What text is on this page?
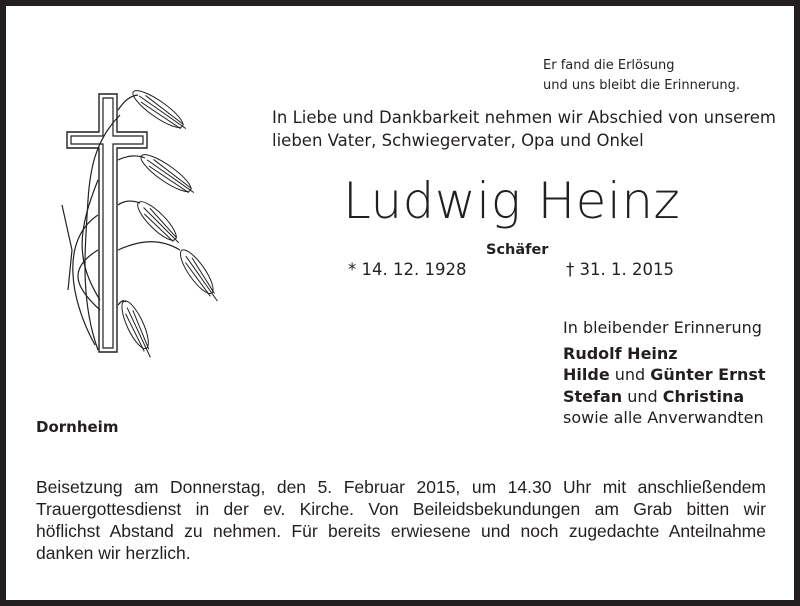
Er fand die Erlösung
und uns bleibt die Erinnerung.
In Liebe und Dankbarkeit nehmen wir Abschied von unserem
lieben Vater, Schwiegervater, Opa und Onkel
Ludwig Heinz
Schäfer
* 14. 12. 1928	† 31. 1. 2015
In bleibender Erinnerung
Rudolf Heinz
Hilde und Günter Ernst
Stefan und Christina
sowie alle Anverwandten
Dornheim
Beisetzung am Donnerstag, den 5. Februar 2015, um 14.30 Uhr mit anschließendem
Trauergottesdienst in der ev. Kirche. Von Beileidsbekundungen am Grab bitten wir
höflichst Abstand zu nehmen. Für bereits erwiesene und noch zugedachte Anteilnahme
danken wir herzlich.
